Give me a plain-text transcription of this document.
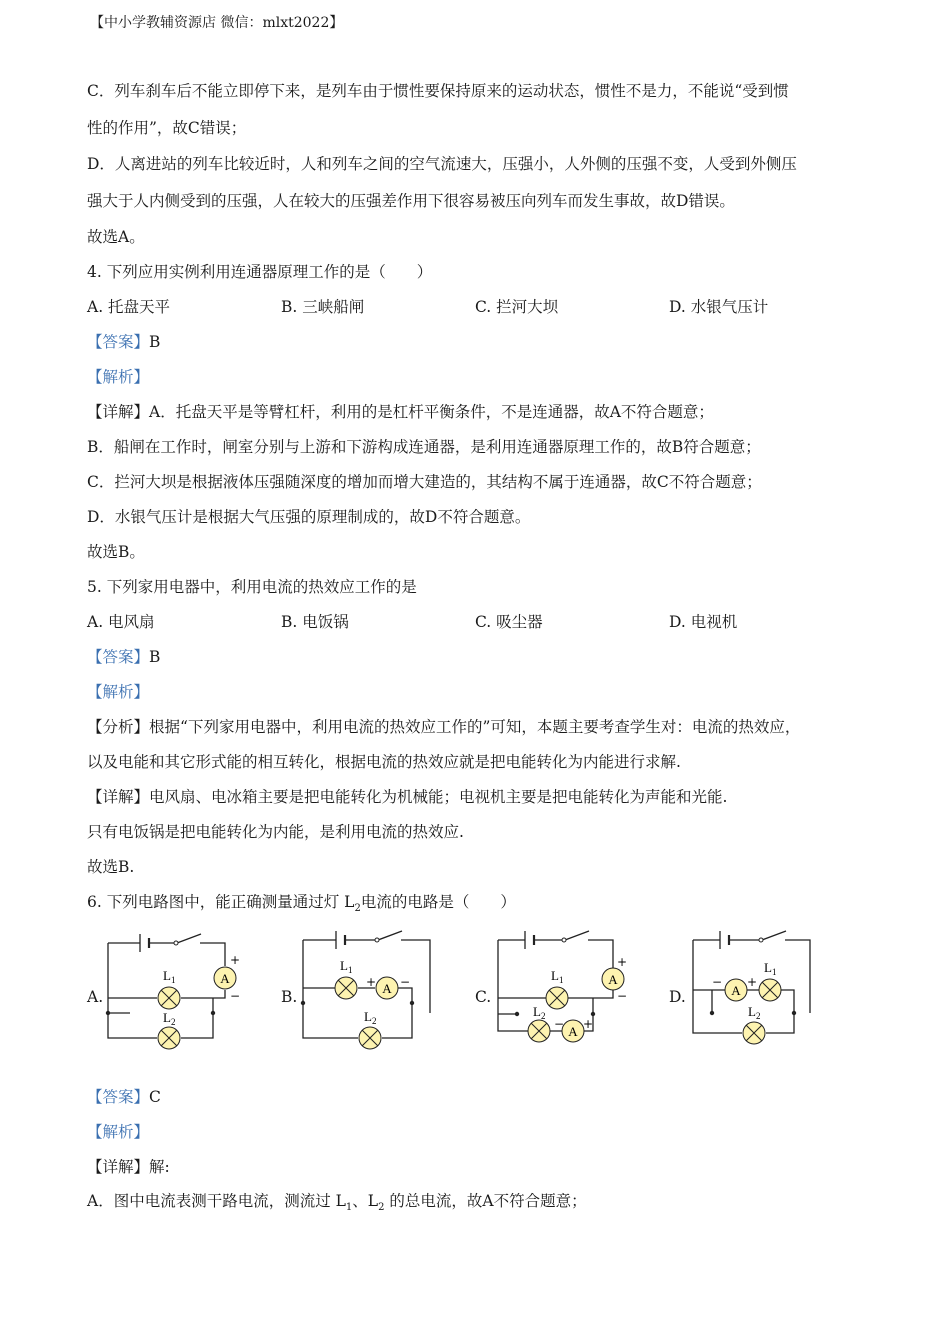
【中小学教辅资源店 微信：mlxt2022】
C．列车刹车后不能立即停下来，是列车由于惯性要保持原来的运动状态，惯性不是力，不能说“受到惯
性的作用”，故C错误；
D．人离进站的列车比较近时，人和列车之间的空气流速大，压强小，人外侧的压强不变，人受到外侧压
强大于人内侧受到的压强，人在较大的压强差作用下很容易被压向列车而发生事故，故D错误。
故选A。
4. 下列应用实例利用连通器原理工作的是（　　）
A. 托盘天平	B. 三峡船闸	C. 拦河大坝	D. 水银气压计
【答案】B
【解析】
【详解】A．托盘天平是等臂杠杆，利用的是杠杆平衡条件，不是连通器，故A不符合题意；
B．船闸在工作时，闸室分别与上游和下游构成连通器，是利用连通器原理工作的，故B符合题意；
C．拦河大坝是根据液体压强随深度的增加而增大建造的，其结构不属于连通器，故C不符合题意；
D．水银气压计是根据大气压强的原理制成的，故D不符合题意。
故选B。
5. 下列家用电器中，利用电流的热效应工作的是
A. 电风扇	B. 电饭锅	C. 吸尘器	D. 电视机
【答案】B
【解析】
【分析】根据“下列家用电器中，利用电流的热效应工作的”可知，本题主要考查学生对：电流的热效应，
以及电能和其它形式能的相互转化，根据电流的热效应就是把电能转化为内能进行求解.
【详解】电风扇、电冰箱主要是把电能转化为机械能；电视机主要是把电能转化为声能和光能.
只有电饭锅是把电能转化为内能，是利用电流的热效应.
故选B.
6. 下列电路图中，能正确测量通过灯 $L_2$电流的电路是（　　）
A.	B.	C.	D.
A
+
−
$L_1$
$L_2$
A
+ −
$L_1$
$L_2$
A
A
+
−
− +
$L_1$
$L_2$
A
− +
$L_1$
$L_2$
【答案】C
【解析】
【详解】解:
A．图中电流表测干路电流，测流过 $L_1$、$L_2$ 的总电流，故A不符合题意；
